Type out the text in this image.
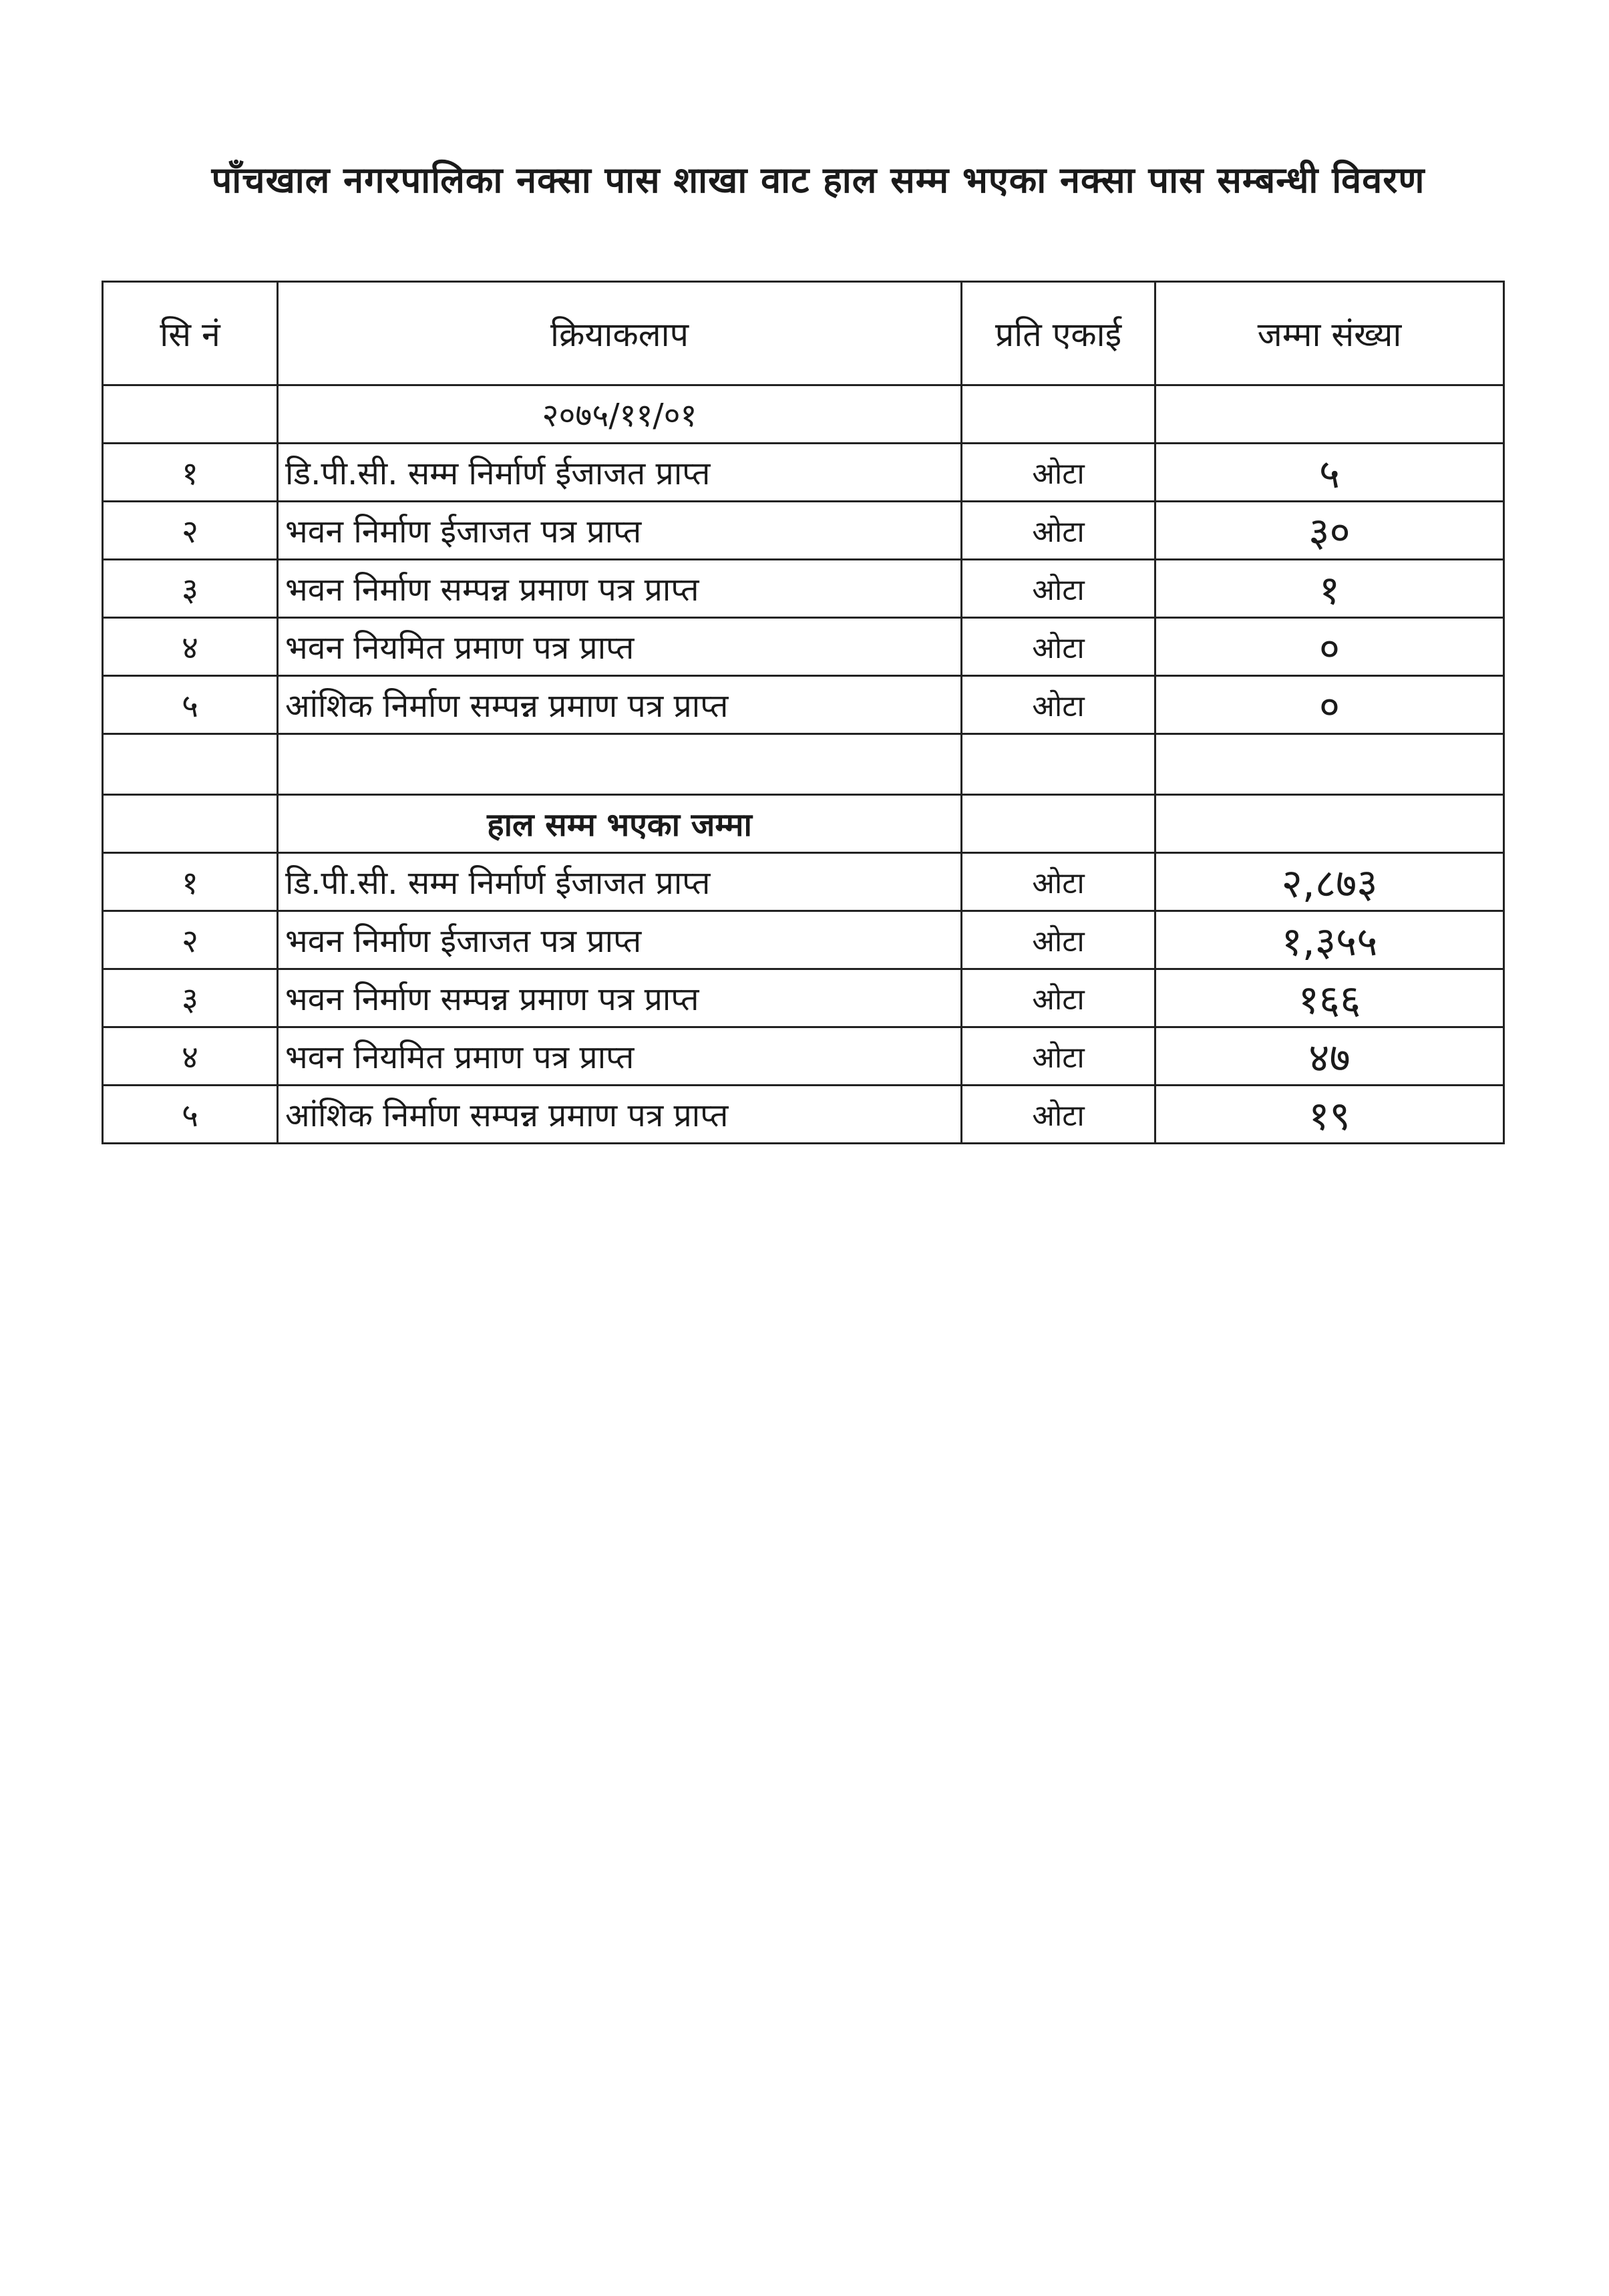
पाँचखाल नगरपालिका नक्सा पास शाखा वाट हाल सम्म भएका नक्सा पास सम्बन्धी विवरण
सि नं	क्रियाकलाप	प्रति एकाई	जम्मा संख्या
	२०७५/११/०१		
१	डि.पी.सी. सम्म निर्मार्ण ईजाजत प्राप्त	ओटा	५
२	भवन निर्माण ईजाजत पत्र प्राप्त	ओटा	३०
३	भवन निर्माण सम्पन्न प्रमाण पत्र प्राप्त	ओटा	१
४	भवन नियमित प्रमाण पत्र प्राप्त	ओटा	०
५	आंशिक निर्माण सम्पन्न प्रमाण पत्र प्राप्त	ओटा	०

	हाल सम्म भएका जम्मा		
१	डि.पी.सी. सम्म निर्मार्ण ईजाजत प्राप्त	ओटा	२,८७३
२	भवन निर्माण ईजाजत पत्र प्राप्त	ओटा	१,३५५
३	भवन निर्माण सम्पन्न प्रमाण पत्र प्राप्त	ओटा	१६६
४	भवन नियमित प्रमाण पत्र प्राप्त	ओटा	४७
५	आंशिक निर्माण सम्पन्न प्रमाण पत्र प्राप्त	ओटा	१९
